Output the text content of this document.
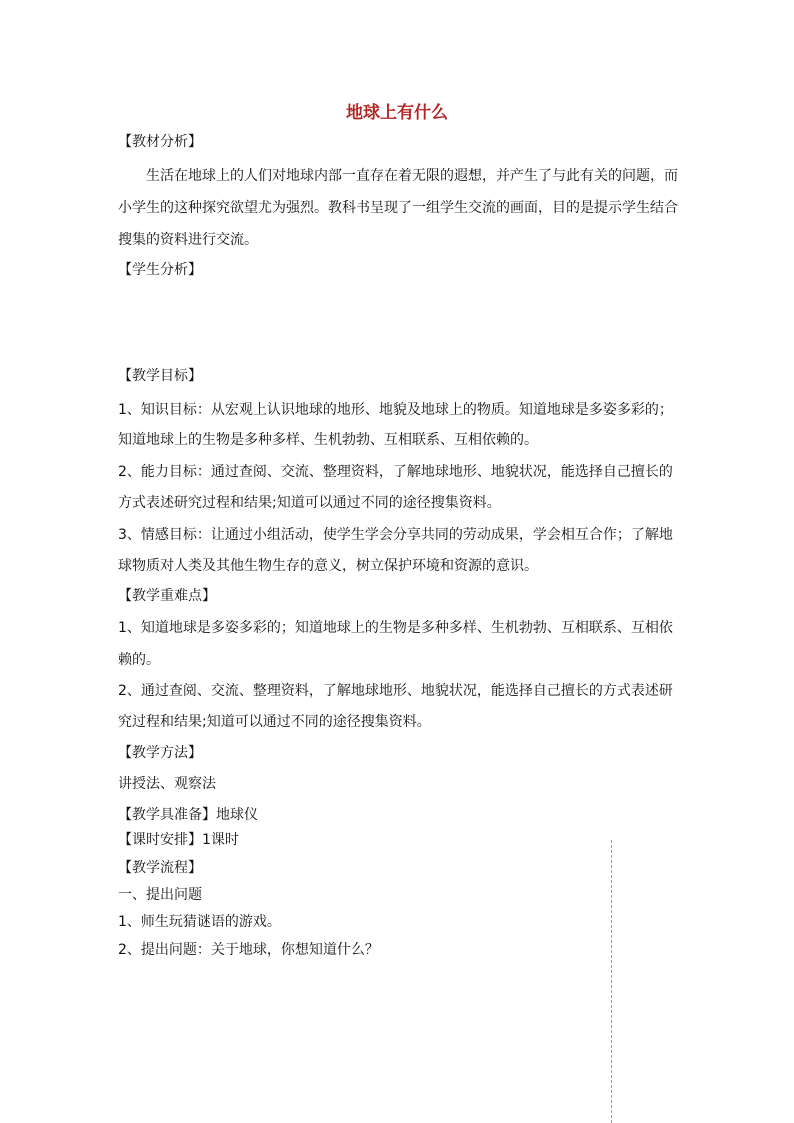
地球上有什么
【教材分析】
生活在地球上的人们对地球内部一直存在着无限的遐想，并产生了与此有关的问题，而
小学生的这种探究欲望尤为强烈。教科书呈现了一组学生交流的画面，目的是提示学生结合
搜集的资料进行交流。
【学生分析】
【教学目标】
1、知识目标：从宏观上认识地球的地形、地貌及地球上的物质。知道地球是多姿多彩的；
知道地球上的生物是多种多样、生机勃勃、互相联系、互相依赖的。
2、能力目标：通过查阅、交流、整理资料，了解地球地形、地貌状况，能选择自己擅长的
方式表述研究过程和结果;知道可以通过不同的途径搜集资料。
3、情感目标：让通过小组活动，使学生学会分享共同的劳动成果，学会相互合作；了解地
球物质对人类及其他生物生存的意义，树立保护环境和资源的意识。
【教学重难点】
1、知道地球是多姿多彩的；知道地球上的生物是多种多样、生机勃勃、互相联系、互相依
赖的。
2、通过查阅、交流、整理资料，了解地球地形、地貌状况，能选择自己擅长的方式表述研
究过程和结果;知道可以通过不同的途径搜集资料。
【教学方法】
讲授法、观察法
【教学具准备】地球仪
【课时安排】1课时
【教学流程】
一、提出问题
1、师生玩猜谜语的游戏。
2、提出问题：关于地球，你想知道什么？
